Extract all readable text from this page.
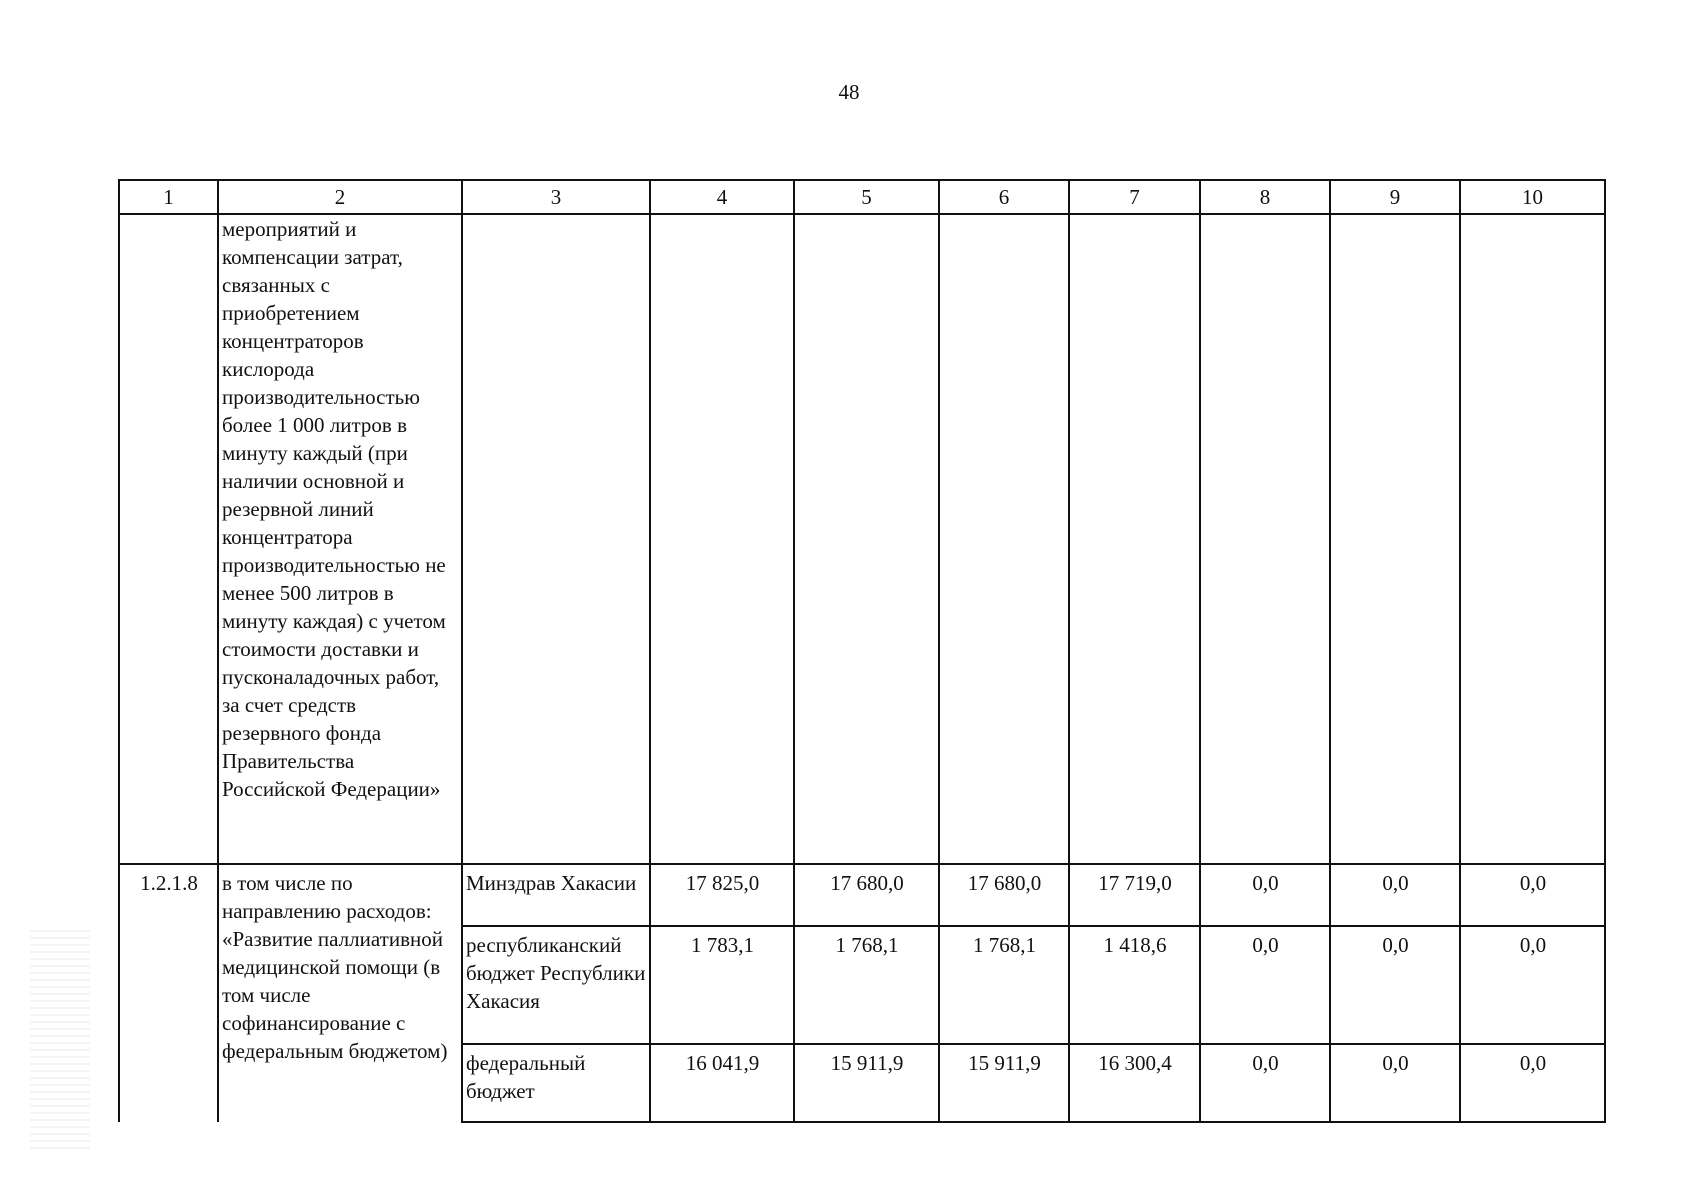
48
1	2	3	4	5	6	7	8	9	10
	мероприятий и компенсации затрат, связанных с приобретением концентраторов кислорода производительностью более 1 000 литров в минуту каждый (при наличии основной и резервной линий концентратора производительностью не менее 500 литров в минуту каждая) с учетом стоимости доставки и пусконаладочных работ, за счет средств резервного фонда Правительства Российской Федерации»								
1.2.1.8	в том числе по направлению расходов: «Развитие паллиативной медицинской помощи (в том числе софинансирование с федеральным бюджетом)	Минздрав Хакасии	17 825,0	17 680,0	17 680,0	17 719,0	0,0	0,0	0,0
		республиканский бюджет Республики Хакасия	1 783,1	1 768,1	1 768,1	1 418,6	0,0	0,0	0,0
		федеральный бюджет	16 041,9	15 911,9	15 911,9	16 300,4	0,0	0,0	0,0
